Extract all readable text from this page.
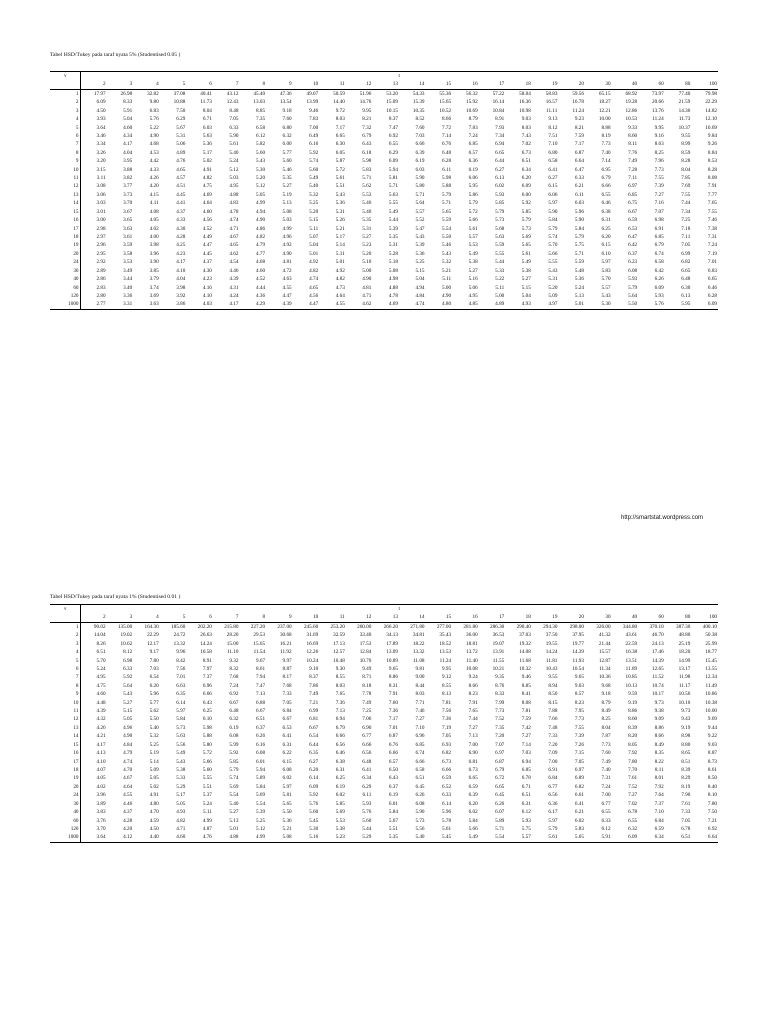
Tabel HSD/Tukey pada taraf nyata 5% (Studentised 0.05 )
v	t																							
	2	3	4	5	6	7	8	9	10	11	12	13	14	15	16	17	18	19	20	30	40	60	80	100
1	17.97	26.98	32.82	37.08	40.41	43.12	45.40	47.36	49.07	50.59	51.96	53.20	54.33	55.36	56.32	57.22	58.04	58.83	59.56	65.15	68.92	73.97	77.40	79.98
2	6.09	8.33	9.80	10.88	11.73	12.43	13.03	13.54	13.99	14.40	14.76	15.09	15.39	15.65	15.92	16.14	16.36	16.57	16.78	18.27	19.28	20.66	21.59	22.29
3	4.50	5.91	6.83	7.50	8.04	8.48	8.85	9.18	9.46	9.72	9.95	10.15	10.35	10.52	10.69	10.84	10.98	11.11	11.24	12.21	12.86	13.76	14.36	14.82
4	3.93	5.04	5.76	6.29	6.71	7.05	7.35	7.60	7.83	8.03	8.21	8.37	8.52	8.66	8.79	8.91	9.03	9.13	9.23	10.00	10.53	11.24	11.73	12.10
5	3.64	4.60	5.22	5.67	6.03	6.33	6.58	6.80	7.00	7.17	7.32	7.47	7.60	7.72	7.83	7.93	8.03	8.12	8.21	8.88	9.33	9.95	10.37	10.69
6	3.46	4.34	4.90	5.31	5.63	5.90	6.12	6.32	6.49	6.65	6.79	6.92	7.03	7.14	7.24	7.34	7.43	7.51	7.59	8.19	8.60	9.16	9.55	9.84
7	3.34	4.17	4.68	5.06	5.36	5.61	5.82	6.00	6.16	6.30	6.43	6.55	6.66	6.76	6.85	6.94	7.02	7.10	7.17	7.73	8.11	8.63	8.99	9.26
8	3.26	4.04	4.53	4.89	5.17	5.40	5.60	5.77	5.92	6.05	6.18	6.29	6.39	6.48	6.57	6.65	6.73	6.80	6.87	7.40	7.76	8.25	8.59	8.84
9	3.20	3.95	4.42	4.76	5.02	5.24	5.43	5.60	5.74	5.87	5.98	6.09	6.19	6.28	6.36	6.44	6.51	6.58	6.64	7.14	7.49	7.96	8.28	8.53
10	3.15	3.88	4.33	4.65	4.91	5.12	5.30	5.46	5.60	5.72	5.83	5.94	6.03	6.11	6.19	6.27	6.34	6.41	6.47	6.95	7.28	7.73	8.04	8.28
11	3.11	3.82	4.26	4.57	4.82	5.03	5.20	5.35	5.49	5.61	5.71	5.81	5.90	5.98	6.06	6.13	6.20	6.27	6.33	6.79	7.11	7.55	7.85	8.08
12	3.08	3.77	4.20	4.51	4.75	4.95	5.12	5.27	5.40	5.51	5.62	5.71	5.80	5.88	5.95	6.02	6.09	6.15	6.21	6.66	6.97	7.39	7.69	7.91
13	3.06	3.73	4.15	4.45	4.69	4.88	5.05	5.19	5.32	5.43	5.53	5.63	5.71	5.79	5.86	5.93	6.00	6.06	6.11	6.55	6.85	7.27	7.55	7.77
14	3.03	3.70	4.11	4.41	4.64	4.83	4.99	5.13	5.25	5.36	5.46	5.55	5.64	5.71	5.79	5.85	5.92	5.97	6.03	6.46	6.75	7.16	7.44	7.65
15	3.01	3.67	4.08	4.37	4.60	4.78	4.94	5.08	5.20	5.31	5.40	5.49	5.57	5.65	5.72	5.79	5.85	5.90	5.96	6.38	6.67	7.07	7.34	7.55
16	3.00	3.65	4.05	4.33	4.56	4.74	4.90	5.03	5.15	5.26	5.35	5.44	5.52	5.59	5.66	5.73	5.79	5.84	5.90	6.31	6.59	6.98	7.25	7.46
17	2.98	3.63	4.02	4.30	4.52	4.71	4.86	4.99	5.11	5.21	5.31	5.39	5.47	5.54	5.61	5.68	5.73	5.79	5.84	6.25	6.53	6.91	7.18	7.38
18	2.97	3.61	4.00	4.28	4.49	4.67	4.82	4.96	5.07	5.17	5.27	5.35	5.43	5.50	5.57	5.63	5.69	5.74	5.79	6.20	6.47	6.85	7.11	7.31
19	2.96	3.59	3.98	4.25	4.47	4.65	4.79	4.92	5.04	5.14	5.23	5.31	5.39	5.46	5.53	5.59	5.65	5.70	5.75	6.15	6.42	6.79	7.05	7.24
20	2.95	3.58	3.96	4.23	4.45	4.62	4.77	4.90	5.01	5.11	5.20	5.28	5.36	5.43	5.49	5.55	5.61	5.66	5.71	6.10	6.37	6.74	6.99	7.19
24	2.92	3.53	3.90	4.17	4.37	4.54	4.68	4.81	4.92	5.01	5.10	5.18	5.25	5.32	5.38	5.44	5.49	5.55	5.59	5.97	6.23	6.58	6.82	7.01
30	2.89	3.49	3.85	4.10	4.30	4.46	4.60	4.72	4.82	4.92	5.00	5.08	5.15	5.21	5.27	5.33	5.38	5.43	5.48	5.83	6.08	6.42	6.65	6.83
40	2.86	3.44	3.79	4.04	4.23	4.39	4.52	4.63	4.74	4.82	4.90	4.98	5.04	5.11	5.16	5.22	5.27	5.31	5.36	5.70	5.93	6.26	6.48	6.65
60	2.83	3.40	3.74	3.98	4.16	4.31	4.44	4.55	4.65	4.73	4.81	4.88	4.94	5.00	5.06	5.11	5.15	5.20	5.24	5.57	5.79	6.09	6.30	6.46
120	2.80	3.36	3.69	3.92	4.10	4.24	4.36	4.47	4.56	4.64	4.71	4.78	4.84	4.90	4.95	5.00	5.04	5.09	5.13	5.43	5.64	5.93	6.13	6.28
1000	2.77	3.31	3.63	3.86	4.03	4.17	4.29	4.39	4.47	4.55	4.62	4.69	4.74	4.80	4.85	4.89	4.93	4.97	5.01	5.30	5.50	5.76	5.95	6.09
http://smartstat.wordpress.com
Tabel HSD/Tukey pada taraf nyata 1% (Studentised 0.01 )
v	t																							
	2	3	4	5	6	7	8	9	10	11	12	13	14	15	16	17	18	19	20	30	40	60	80	100
1	90.02	135.00	164.30	185.60	202.20	215.80	227.20	237.00	245.60	253.20	260.00	266.20	271.80	277.00	281.80	286.30	290.40	294.30	298.00	326.00	344.80	370.10	387.30	400.10
2	14.04	19.02	22.29	24.72	26.63	28.20	29.53	30.68	31.69	32.59	33.40	34.13	34.81	35.43	36.00	36.53	37.03	37.50	37.95	41.32	43.61	46.70	48.80	50.38
3	8.26	10.62	12.17	13.32	14.24	15.00	15.65	16.21	16.69	17.13	17.53	17.89	18.22	18.52	18.81	19.07	19.32	19.55	19.77	21.44	22.59	24.13	25.19	25.99
4	6.51	8.12	9.17	9.96	10.58	11.10	11.54	11.92	12.26	12.57	12.84	13.09	13.32	13.53	13.72	13.91	14.08	14.24	14.39	15.57	16.38	17.46	18.20	18.77
5	5.70	6.98	7.80	8.42	8.91	9.32	9.67	9.97	10.24	10.48	10.70	10.89	11.08	11.24	11.40	11.55	11.68	11.81	11.93	12.87	13.51	14.39	14.99	15.45
6	5.24	6.33	7.03	7.56	7.97	8.32	8.61	8.87	9.10	9.30	9.49	9.65	9.81	9.95	10.08	10.21	10.32	10.43	10.54	11.34	11.89	12.65	13.17	13.55
7	4.95	5.92	6.54	7.01	7.37	7.68	7.94	8.17	8.37	8.55	8.71	8.86	9.00	9.12	9.24	9.35	9.46	9.55	9.65	10.36	10.85	11.52	11.98	12.34
8	4.75	5.64	6.20	6.63	6.96	7.24	7.47	7.68	7.86	8.03	8.18	8.31	8.44	8.55	8.66	8.76	8.85	8.94	9.03	9.68	10.13	10.74	11.17	11.49
9	4.60	5.43	5.96	6.35	6.66	6.92	7.13	7.33	7.49	7.65	7.78	7.91	8.03	8.13	8.23	8.33	8.41	8.50	8.57	9.18	9.59	10.17	10.56	10.86
10	4.48	5.27	5.77	6.14	6.43	6.67	6.88	7.05	7.21	7.36	7.49	7.60	7.71	7.81	7.91	7.99	8.08	8.15	8.23	8.79	9.19	9.73	10.10	10.38
11	4.39	5.15	5.62	5.97	6.25	6.48	6.67	6.84	6.99	7.13	7.25	7.36	7.46	7.56	7.65	7.73	7.81	7.88	7.95	8.49	8.86	9.38	9.73	10.00
12	4.32	5.05	5.50	5.84	6.10	6.32	6.51	6.67	6.81	6.94	7.06	7.17	7.27	7.36	7.44	7.52	7.59	7.66	7.73	8.25	8.60	9.09	9.43	9.69
13	4.26	4.96	5.40	5.73	5.98	6.19	6.37	6.53	6.67	6.79	6.90	7.01	7.10	7.19	7.27	7.35	7.42	7.48	7.55	8.04	8.39	8.86	9.19	9.44
14	4.21	4.90	5.32	5.63	5.88	6.08	6.26	6.41	6.54	6.66	6.77	6.87	6.96	7.05	7.13	7.20	7.27	7.33	7.39	7.87	8.20	8.66	8.98	9.22
15	4.17	4.84	5.25	5.56	5.80	5.99	6.16	6.31	6.44	6.56	6.66	6.76	6.85	6.93	7.00	7.07	7.14	7.20	7.26	7.73	8.05	8.49	8.80	9.03
16	4.13	4.79	5.19	5.49	5.72	5.92	6.08	6.22	6.35	6.46	6.56	6.66	6.74	6.82	6.90	6.97	7.03	7.09	7.15	7.60	7.92	8.35	8.65	8.87
17	4.10	4.74	5.14	5.43	5.66	5.85	6.01	6.15	6.27	6.38	6.48	6.57	6.66	6.73	6.81	6.87	6.94	7.00	7.05	7.49	7.80	8.22	8.51	8.73
18	4.07	4.70	5.09	5.38	5.60	5.79	5.94	6.08	6.20	6.31	6.41	6.50	6.58	6.66	6.73	6.79	6.85	6.91	6.97	7.40	7.70	8.11	8.39	8.61
19	4.05	4.67	5.05	5.33	5.55	5.74	5.89	6.02	6.14	6.25	6.34	6.43	6.51	6.59	6.65	6.72	6.78	6.84	6.89	7.31	7.61	8.01	8.29	8.50
20	4.02	4.64	5.02	5.29	5.51	5.69	5.84	5.97	6.09	6.19	6.29	6.37	6.45	6.52	6.59	6.65	6.71	6.77	6.82	7.24	7.52	7.92	8.19	8.40
24	3.96	4.55	4.91	5.17	5.37	5.54	5.69	5.81	5.92	6.02	6.11	6.19	6.26	6.33	6.39	6.45	6.51	6.56	6.61	7.00	7.27	7.64	7.90	8.10
30	3.89	4.46	4.80	5.05	5.24	5.40	5.54	5.65	5.76	5.85	5.93	6.01	6.08	6.14	6.20	6.26	6.31	6.36	6.41	6.77	7.02	7.37	7.61	7.80
40	3.83	4.37	4.70	4.93	5.11	5.27	5.39	5.50	5.60	5.69	5.76	5.84	5.90	5.96	6.02	6.07	6.12	6.17	6.21	6.55	6.78	7.10	7.33	7.50
60	3.76	4.28	4.59	4.82	4.99	5.13	5.25	5.36	5.45	5.53	5.60	5.67	5.73	5.78	5.84	5.89	5.93	5.97	6.02	6.33	6.55	6.84	7.05	7.21
120	3.70	4.20	4.50	4.71	4.87	5.01	5.12	5.21	5.30	5.38	5.44	5.51	5.56	5.61	5.66	5.71	5.75	5.79	5.83	6.12	6.32	6.59	6.78	6.92
1000	3.64	4.12	4.40	4.60	4.76	4.88	4.99	5.08	5.16	5.23	5.29	5.35	5.40	5.45	5.49	5.54	5.57	5.61	5.65	5.91	6.09	6.34	6.51	6.64
